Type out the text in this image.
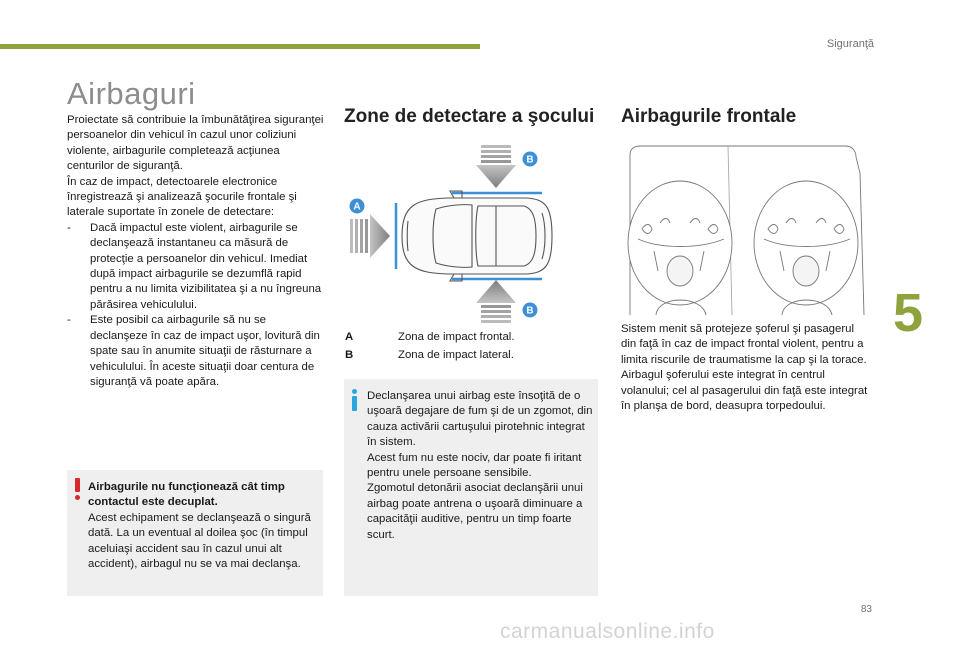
Siguranţă
5
83
carmanualsonline.info
Airbaguri

Proiectate să contribuie la îmbunătăţirea siguranţei persoanelor din vehicul în cazul unor coliziuni violente, airbagurile completează acţiunea centurilor de siguranţă.

În caz de impact, detectoarele electronice înregistrează şi analizează şocurile frontale şi laterale suportate în zonele de detectare:

- Dacă impactul este violent, airbagurile se declanşează instantaneu ca măsură de protecţie a persoanelor din vehicul. Imediat după impact airbagurile se dezumflă rapid pentru a nu limita vizibilitatea şi a nu îngreuna părăsirea vehiculului.
- Este posibil ca airbagurile să nu se declanşeze în caz de impact uşor, lovitură din spate sau în anumite situaţii de răsturnare a vehiculului. În aceste situaţii doar centura de siguranţă vă poate apăra.
Airbagurile nu funcţionează cât timp contactul este decuplat.
Acest echipament se declanşează o singură dată. La un eventual al doilea şoc (în timpul aceluiaşi accident sau în cazul unui alt accident), airbagul nu se va mai declanşa.
Zone de detectare a şocului
A
B
B
A	Zona de impact frontal.
B	Zona de impact lateral.
Declanşarea unui airbag este însoţită de o uşoară degajare de fum şi de un zgomot, din cauza activării cartuşului pirotehnic integrat în sistem.
Acest fum nu este nociv, dar poate fi iritant pentru unele persoane sensibile.
Zgomotul detonării asociat declanşării unui airbag poate antrena o uşoară diminuare a capacităţii auditive, pentru un timp foarte scurt.
Airbagurile frontale

Sistem menit să protejeze şoferul şi pasagerul din faţă în caz de impact frontal violent, pentru a limita riscurile de traumatisme la cap şi la torace.

Airbagul şoferului este integrat în centrul volanului; cel al pasagerului din faţă este integrat în planşa de bord, deasupra torpedoului.
